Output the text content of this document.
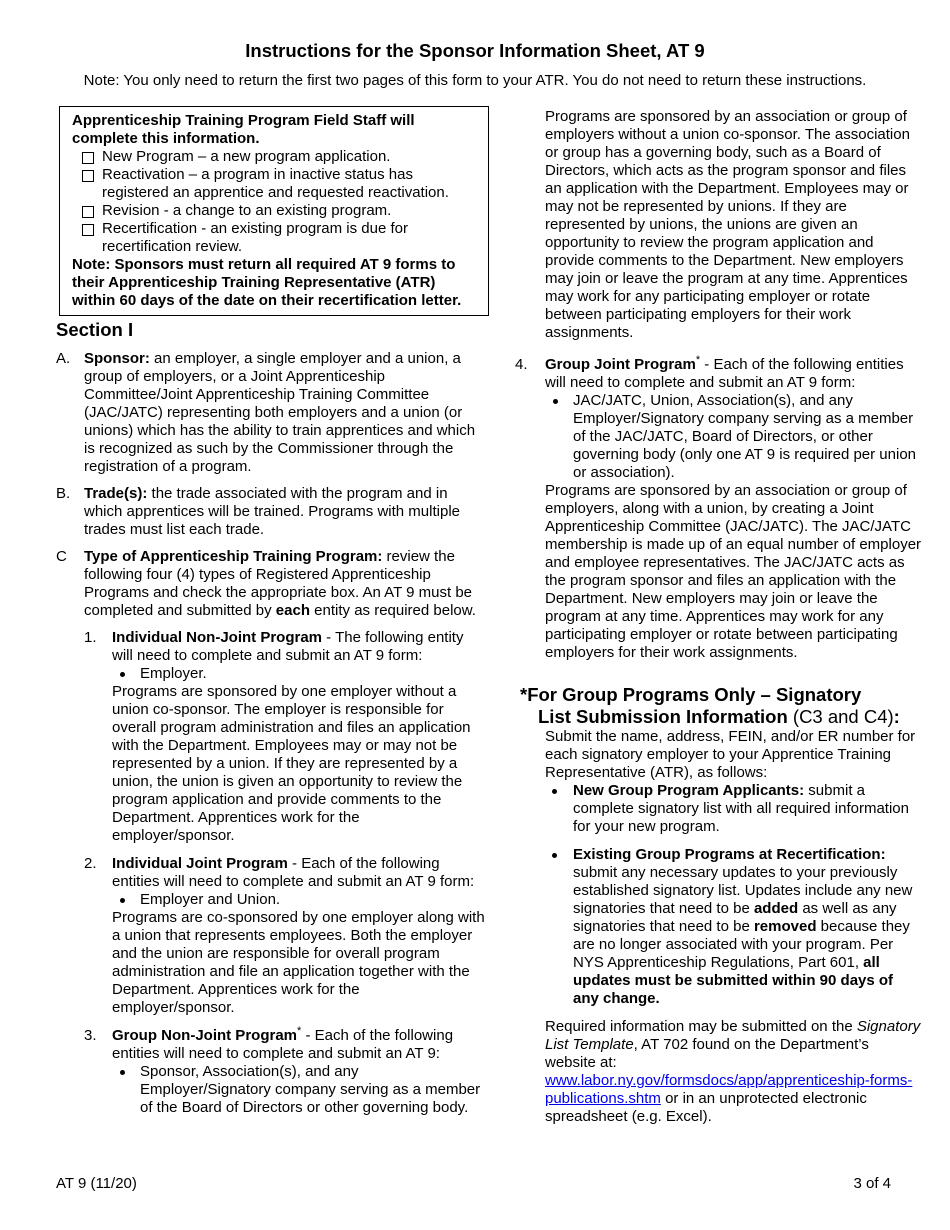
Instructions for the Sponsor Information Sheet, AT 9
Note: You only need to return the first two pages of this form to your ATR. You do not need to return these instructions.
Apprenticeship Training Program Field Staff will complete this information.
New Program – a new program application.
Reactivation – a program in inactive status has registered an apprentice and requested reactivation.
Revision - a change to an existing program.
Recertification - an existing program is due for recertification review.
Note: Sponsors must return all required AT 9 forms to their Apprenticeship Training Representative (ATR) within 60 days of the date on their recertification letter.
Section I
A. Sponsor: an employer, a single employer and a union, a group of employers, or a Joint Apprenticeship Committee/Joint Apprenticeship Training Committee (JAC/JATC) representing both employers and a union (or unions) which has the ability to train apprentices and which is recognized as such by the Commissioner through the registration of a program.
B. Trade(s): the trade associated with the program and in which apprentices will be trained. Programs with multiple trades must list each trade.
C Type of Apprenticeship Training Program: review the following four (4) types of Registered Apprenticeship Programs and check the appropriate box. An AT 9 must be completed and submitted by each entity as required below.
1. Individual Non-Joint Program - The following entity will need to complete and submit an AT 9 form:
Employer.
Programs are sponsored by one employer without a union co-sponsor. The employer is responsible for overall program administration and files an application with the Department. Employees may or may not be represented by a union. If they are represented by a union, the union is given an opportunity to review the program application and provide comments to the Department. Apprentices work for the employer/sponsor.
2. Individual Joint Program - Each of the following entities will need to complete and submit an AT 9 form:
Employer and Union.
Programs are co-sponsored by one employer along with a union that represents employees. Both the employer and the union are responsible for overall program administration and file an application together with the Department. Apprentices work for the employer/sponsor.
3. Group Non-Joint Program* - Each of the following entities will need to complete and submit an AT 9:
Sponsor, Association(s), and any Employer/Signatory company serving as a member of the Board of Directors or other governing body.
Programs are sponsored by an association or group of employers without a union co-sponsor. The association or group has a governing body, such as a Board of Directors, which acts as the program sponsor and files an application with the Department. Employees may or may not be represented by unions. If they are represented by unions, the unions are given an opportunity to review the program application and provide comments to the Department. New employers may join or leave the program at any time. Apprentices may work for any participating employer or rotate between participating employers for their work assignments.
4. Group Joint Program* - Each of the following entities will need to complete and submit an AT 9 form:
JAC/JATC, Union, Association(s), and any Employer/Signatory company serving as a member of the JAC/JATC, Board of Directors, or other governing body (only one AT 9 is required per union or association).
Programs are sponsored by an association or group of employers, along with a union, by creating a Joint Apprenticeship Committee (JAC/JATC). The JAC/JATC membership is made up of an equal number of employer and employee representatives. The JAC/JATC acts as the program sponsor and files an application with the Department. New employers may join or leave the program at any time. Apprentices may work for any participating employer or rotate between participating employers for their work assignments.
*For Group Programs Only – Signatory
List Submission Information (C3 and C4):
Submit the name, address, FEIN, and/or ER number for each signatory employer to your Apprentice Training Representative (ATR), as follows:
New Group Program Applicants: submit a complete signatory list with all required information for your new program.
Existing Group Programs at Recertification: submit any necessary updates to your previously established signatory list. Updates include any new signatories that need to be added as well as any signatories that need to be removed because they are no longer associated with your program. Per NYS Apprenticeship Regulations, Part 601, all updates must be submitted within 90 days of any change.
Required information may be submitted on the Signatory List Template, AT 702 found on the Department’s website at: www.labor.ny.gov/formsdocs/app/apprenticeship-forms-publications.shtm or in an unprotected electronic spreadsheet (e.g. Excel).
AT 9 (11/20)	3 of 4
